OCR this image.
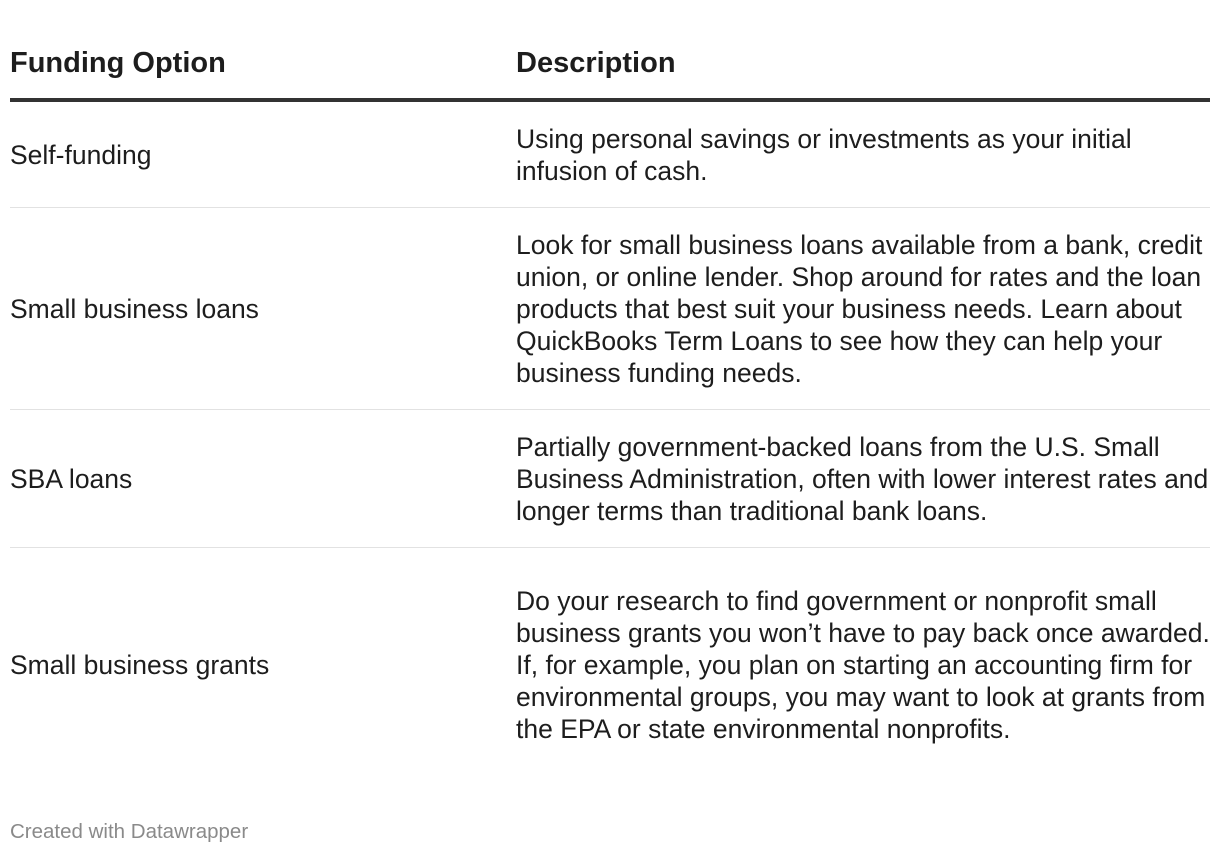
Funding Option	Description
Self-funding
Using personal savings or investments as your initial infusion of cash.
Small business loans
Look for small business loans available from a bank, credit union, or online lender. Shop around for rates and the loan products that best suit your business needs. Learn about QuickBooks Term Loans to see how they can help your business funding needs.
SBA loans
Partially government-backed loans from the U.S. Small Business Administration, often with lower interest rates and longer terms than traditional bank loans.
Small business grants
Do your research to find government or nonprofit small business grants you won’t have to pay back once awarded. If, for example, you plan on starting an accounting firm for environmental groups, you may want to look at grants from the EPA or state environmental nonprofits.
Created with Datawrapper
